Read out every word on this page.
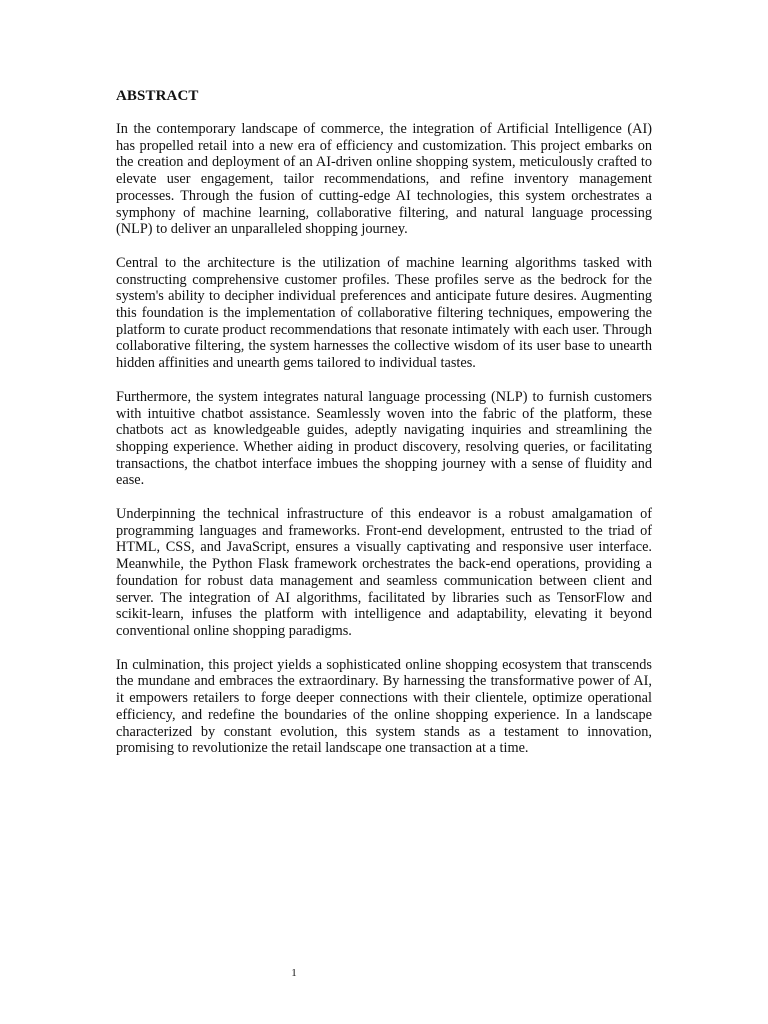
ABSTRACT

In the contemporary landscape of commerce, the integration of Artificial Intelligence (AI) has propelled retail into a new era of efficiency and customization. This project embarks on the creation and deployment of an AI-driven online shopping system, meticulously crafted to elevate user engagement, tailor recommendations, and refine inventory management processes. Through the fusion of cutting-edge AI technologies, this system orchestrates a symphony of machine learning, collaborative filtering, and natural language processing (NLP) to deliver an unparalleled shopping journey.

Central to the architecture is the utilization of machine learning algorithms tasked with constructing comprehensive customer profiles. These profiles serve as the bedrock for the system's ability to decipher individual preferences and anticipate future desires. Augmenting this foundation is the implementation of collaborative filtering techniques, empowering the platform to curate product recommendations that resonate intimately with each user. Through collaborative filtering, the system harnesses the collective wisdom of its user base to unearth hidden affinities and unearth gems tailored to individual tastes.

Furthermore, the system integrates natural language processing (NLP) to furnish customers with intuitive chatbot assistance. Seamlessly woven into the fabric of the platform, these chatbots act as knowledgeable guides, adeptly navigating inquiries and streamlining the shopping experience. Whether aiding in product discovery, resolving queries, or facilitating transactions, the chatbot interface imbues the shopping journey with a sense of fluidity and ease.

Underpinning the technical infrastructure of this endeavor is a robust amalgamation of programming languages and frameworks. Front-end development, entrusted to the triad of HTML, CSS, and JavaScript, ensures a visually captivating and responsive user interface. Meanwhile, the Python Flask framework orchestrates the back-end operations, providing a foundation for robust data management and seamless communication between client and server. The integration of AI algorithms, facilitated by libraries such as TensorFlow and scikit-learn, infuses the platform with intelligence and adaptability, elevating it beyond conventional online shopping paradigms.

In culmination, this project yields a sophisticated online shopping ecosystem that transcends the mundane and embraces the extraordinary. By harnessing the transformative power of AI, it empowers retailers to forge deeper connections with their clientele, optimize operational efficiency, and redefine the boundaries of the online shopping experience. In a landscape characterized by constant evolution, this system stands as a testament to innovation, promising to revolutionize the retail landscape one transaction at a time.

1
